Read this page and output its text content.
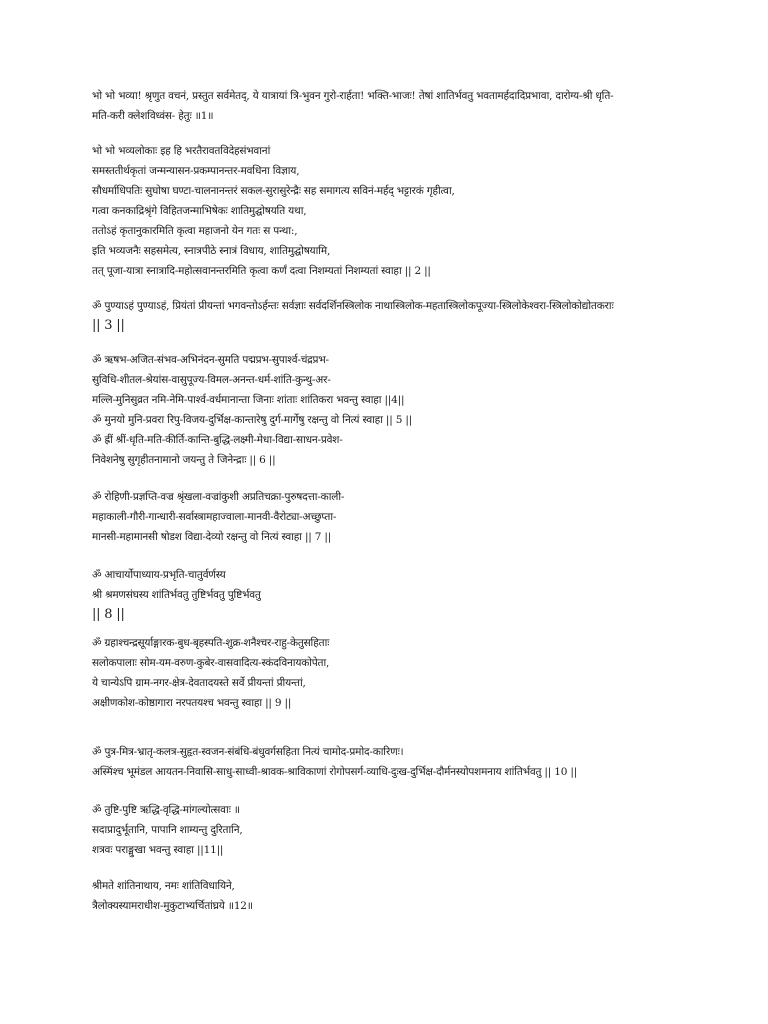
भो भो भव्या! श्रृणुत वचनं, प्रस्तुत सर्वमेतद्, ये यात्रायां त्रि-भुवन गुरो-रार्हता! भक्ति-भाजः! तेषां शातिर्भवतु भवतामर्हदादिप्रभावा, दारोग्य-श्री धृति-
मति-करी क्लेशविध्वंस- हेतुः ॥1॥
भो भो भव्यलोकाः इह हि भरतैरावतविदेहसंभवानां
समस्ततीर्थकृतां जन्मन्यासन-प्रकम्पानन्तर-मवधिना विज्ञाय,
सौधर्माधिपतिः सुघोषा घण्टा-चालनानन्तरं सकल-सुरासुरेन्द्रैः सह समागत्य सविनं-मर्हद् भट्टारकं गृहीत्वा,
गत्वा कनकाद्रिश्रृंगे विहितजन्माभिषेकः शातिमुद्घोषयति यथा,
ततोऽहं कृतानुकारमिति कृत्वा महाजनो येन गतः स पन्था:,
इति भव्यजनैः सहसमेत्य, स्नात्रपीठे स्नात्रं विधाय, शातिमुद्घोषयामि,
तत् पूजा-यात्रा स्नात्रादि-महोत्सवानन्तरमिति कृत्वा कर्णं दत्वा निशम्यतां निशम्यतां स्वाहा || 2 ||
ॐ पुण्याऽहं पुण्याऽहं, प्रियंतां प्रीयन्तां भगवन्तोऽर्हन्तः सर्वज्ञाः सर्वदर्शिनस्त्रिलोक नाथास्त्रिलोक-महतास्त्रिलोकपूज्या-स्त्रिलोकेश्वरा-स्त्रिलोकोद्योतकराः
|| 3 ||
ॐ ऋषभ-अजित-संभव-अभिनंदन-सुमति पद्मप्रभ-सुपार्श्व-चंद्रप्रभ-
सुविधि-शीतल-श्रेयांस-वासुपूज्य-विमल-अनन्त-धर्म-शांति-कुन्थु-अर-
मल्लि-मुनिसुव्रत नमि-नेमि-पार्श्व-वर्धमानान्ता जिनाः शांताः शांतिकरा भवन्तु स्वाहा ||4||
ॐ मुनयो मुनि-प्रवरा रिपु-विजय-दुर्भिक्ष-कान्तारेषु दुर्ग-मार्गेषु रक्षन्तु वो नित्यं स्वाहा || 5 ||
ॐ ह्रीं श्रीं-धृति-मति-कीर्ति-कान्ति-बुद्धि-लक्ष्मी-मेधा-विद्या-साधन-प्रवेश-
निवेशनेषु सुगृहीतनामानो जयन्तु ते जिनेन्द्राः || 6 ||
ॐ रोहिणी-प्रज्ञप्ति-वज्र श्रृंखला-वज्रांकुशी अप्रतिचक्रा-पुरुषदत्ता-काली-
महाकाली-गौरी-गान्धारी-सर्वास्त्रामहाज्वाला-मानवी-वैरोट्या-अच्छुप्ता-
मानसी-महामानसी षोडश विद्या-देव्यो रक्षन्तु वो नित्यं स्वाहा || 7 ||
ॐ आचार्योपाध्याय-प्रभृति-चातुर्वर्णस्य
श्री श्रमणसंघस्य शांतिर्भवतु तुष्टिर्भवतु पुष्टिर्भवतु
|| 8 ||
ॐ ग्रहाश्चन्द्रसूर्याङ्गारक-बुध-बृहस्पति-शुक्र-शनैश्चर-राहु-केतुसहिताः
सलोकपालाः सोम-यम-वरुण-कुबेर-वासवादित्य-स्कंदविनायकोपेता,
ये चान्येऽपि ग्राम-नगर-क्षेत्र-देवतादयस्ते सर्वे प्रीयन्तां प्रीयन्तां,
अक्षीणकोश-कोष्ठागारा नरपतयश्च भवन्तु स्वाहा || 9 ||
ॐ पुत्र-मित्र-भ्रातृ-कलत्र-सुहृत-स्वजन-संबंधि-बंधुवर्गसहिता नित्यं चामोद-प्रमोद-कारिणः।
अस्मिंश्च भूमंडल आयतन-निवासि-साधु-साध्वी-श्रावक-श्राविकाणां रोगोपसर्ग-व्याधि-दुःख-दुर्भिक्ष-दौर्मनस्योपशमनाय शांतिर्भवतु || 10 ||
ॐ तुष्टि-पुष्टि ऋद्धि-वृद्धि-मांगल्योत्सवाः ॥
सदाप्रादुर्भूतानि, पापानि शाम्यन्तु दुरितानि,
शत्रवः पराङ्मुखा भवन्तु स्वाहा ||11||
श्रीमते शांतिनाथाय, नमः शांतिविधायिने,
त्रैलोक्यस्यामराधीश-मुकुटाभ्यर्चितांघ्रये ॥12॥
